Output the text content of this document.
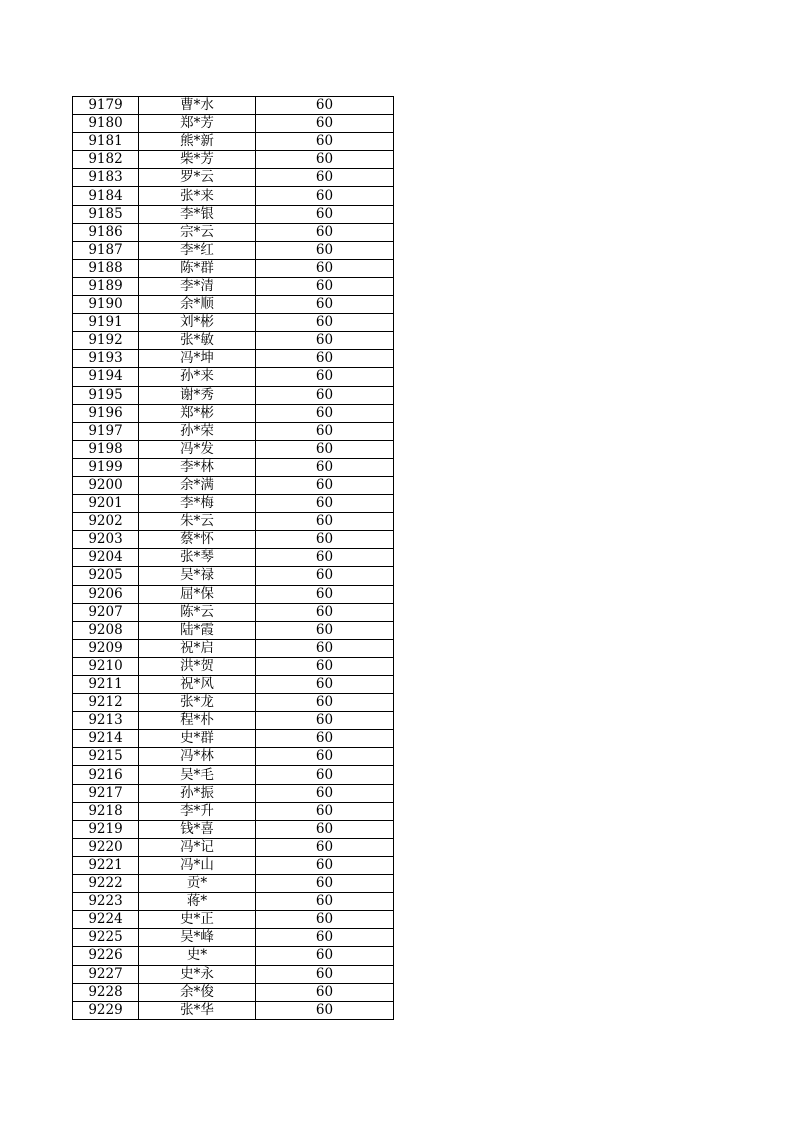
9179	曹*水	60
9180	郑*芳	60
9181	熊*新	60
9182	柴*芳	60
9183	罗*云	60
9184	张*来	60
9185	李*银	60
9186	宗*云	60
9187	李*红	60
9188	陈*群	60
9189	李*清	60
9190	余*顺	60
9191	刘*彬	60
9192	张*敏	60
9193	冯*坤	60
9194	孙*来	60
9195	谢*秀	60
9196	郑*彬	60
9197	孙*荣	60
9198	冯*发	60
9199	李*林	60
9200	余*满	60
9201	李*梅	60
9202	朱*云	60
9203	蔡*怀	60
9204	张*琴	60
9205	吴*禄	60
9206	屈*保	60
9207	陈*云	60
9208	陆*霞	60
9209	祝*启	60
9210	洪*贺	60
9211	祝*风	60
9212	张*龙	60
9213	程*朴	60
9214	史*群	60
9215	冯*林	60
9216	吴*毛	60
9217	孙*振	60
9218	李*升	60
9219	钱*喜	60
9220	冯*记	60
9221	冯*山	60
9222	贡*	60
9223	蒋*	60
9224	史*正	60
9225	吴*峰	60
9226	史*	60
9227	史*永	60
9228	余*俊	60
9229	张*华	60
